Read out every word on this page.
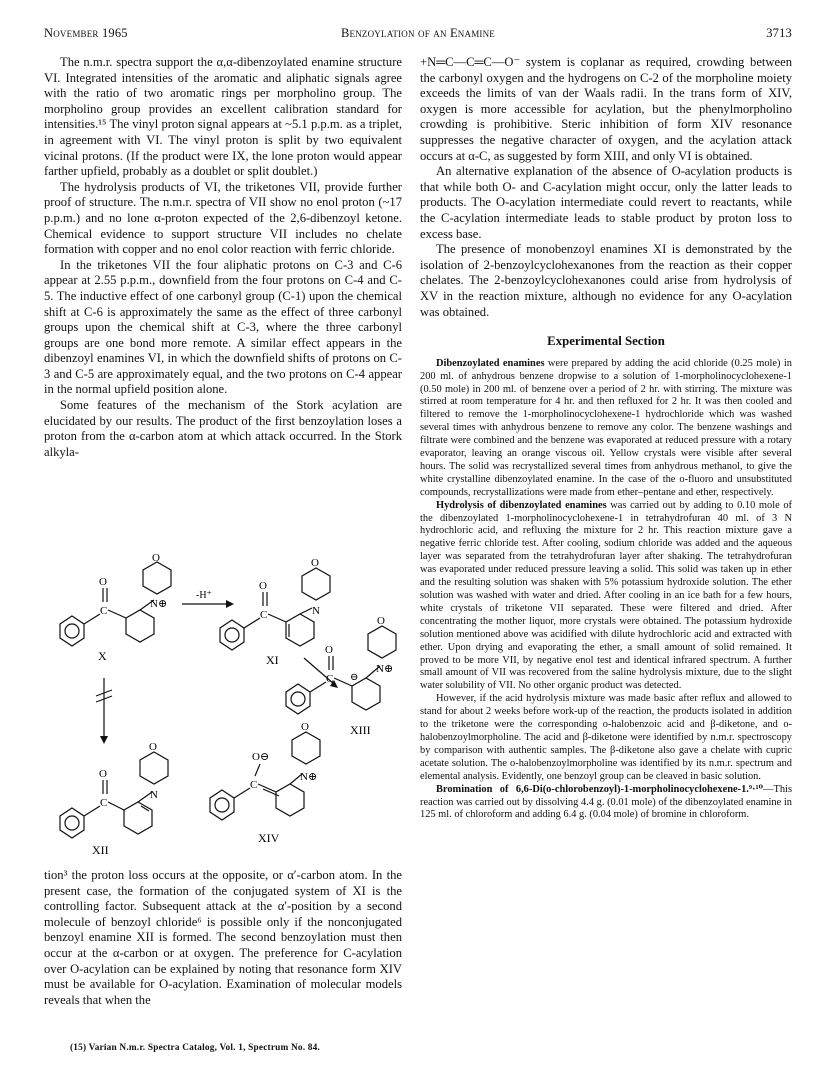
November 1965	Benzoylation of an Enamine	3713

The n.m.r. spectra support the α,α-dibenzoylated enamine structure VI. Integrated intensities of the aromatic and aliphatic signals agree with the ratio of two aromatic rings per morpholino group. The morpholino group provides an excellent calibration standard for intensities.¹⁵ The vinyl proton signal appears at ~5.1 p.p.m. as a triplet, in agreement with VI. The vinyl proton is split by two equivalent vicinal protons. (If the product were IX, the lone proton would appear farther upfield, probably as a doublet or split doublet.)

The hydrolysis products of VI, the triketones VII, provide further proof of structure. The n.m.r. spectra of VII show no enol proton (~17 p.p.m.) and no lone α-proton expected of the 2,6-dibenzoyl ketone. Chemical evidence to support structure VII includes no chelate formation with copper and no enol color reaction with ferric chloride.

In the triketones VII the four aliphatic protons on C-3 and C-6 appear at 2.55 p.p.m., downfield from the four protons on C-4 and C-5. The inductive effect of one carbonyl group (C-1) upon the chemical shift at C-6 is approximately the same as the effect of three carbonyl groups upon the chemical shift at C-3, where the three carbonyl groups are one bond more remote. A similar effect appears in the dibenzoyl enamines VI, in which the downfield shifts of protons on C-3 and C-5 are approximately equal, and the two protons on C-4 appear in the normal upfield position alone.

Some features of the mechanism of the Stork acylation are elucidated by our results. The product of the first benzoylation loses a proton from the α-carbon atom at which attack occurred. In the Stork alkyla-

O
N⊕
C
O
X
-H⁺
O
N
C
O
XI
O
N⊕
⊖
C
O
XIII
O
N
C
O
XII
O
N⊕
C
O⊖
XIV

tion³ the proton loss occurs at the opposite, or α′-carbon atom. In the present case, the formation of the conjugated system of XI is the controlling factor. Subsequent attack at the α′-position by a second molecule of benzoyl chloride⁶ is possible only if the nonconjugated benzoyl enamine XII is formed. The second benzoylation must then occur at the α-carbon or at oxygen. The preference for C-acylation over O-acylation can be explained by noting that resonance form XIV must be available for O-acylation. Examination of molecular models reveals that when the

(15) Varian N.m.r. Spectra Catalog, Vol. 1, Spectrum No. 84.

+N═C—C═C—O⁻ system is coplanar as required, crowding between the carbonyl oxygen and the hydrogens on C-2 of the morpholine moiety exceeds the limits of van der Waals radii. In the trans form of XIV, oxygen is more accessible for acylation, but the phenylmorpholino crowding is prohibitive. Steric inhibition of form XIV resonance suppresses the negative character of oxygen, and the acylation attack occurs at α-C, as suggested by form XIII, and only VI is obtained.

An alternative explanation of the absence of O-acylation products is that while both O- and C-acylation might occur, only the latter leads to products. The O-acylation intermediate could revert to reactants, while the C-acylation intermediate leads to stable product by proton loss to excess base.

The presence of monobenzoyl enamines XI is demonstrated by the isolation of 2-benzoylcyclohexanones from the reaction as their copper chelates. The 2-benzoylcyclohexanones could arise from hydrolysis of XV in the reaction mixture, although no evidence for any O-acylation was obtained.

Experimental Section

Dibenzoylated enamines were prepared by adding the acid chloride (0.25 mole) in 200 ml. of anhydrous benzene dropwise to a solution of 1-morpholinocyclohexene-1 (0.50 mole) in 200 ml. of benzene over a period of 2 hr. with stirring. The mixture was stirred at room temperature for 4 hr. and then refluxed for 2 hr. It was then cooled and filtered to remove the 1-morpholinocyclohexene-1 hydrochloride which was washed several times with anhydrous benzene to remove any color. The benzene washings and filtrate were combined and the benzene was evaporated at reduced pressure with a rotary evaporator, leaving an orange viscous oil. Yellow crystals were visible after several hours. The solid was recrystallized several times from anhydrous methanol, to give the white crystalline dibenzoylated enamine. In the case of the o-fluoro and unsubstituted compounds, recrystallizations were made from ether–pentane and ether, respectively.

Hydrolysis of dibenzoylated enamines was carried out by adding to 0.10 mole of the dibenzoylated 1-morpholinocyclohexene-1 in tetrahydrofuran 40 ml. of 3 N hydrochloric acid, and refluxing the mixture for 2 hr. This reaction mixture gave a negative ferric chloride test. After cooling, sodium chloride was added and the aqueous layer was separated from the tetrahydrofuran layer after shaking. The tetrahydrofuran was evaporated under reduced pressure leaving a solid. This solid was taken up in ether and the resulting solution was shaken with 5% potassium hydroxide solution. The ether solution was washed with water and dried. After cooling in an ice bath for a few hours, white crystals of triketone VII separated. These were filtered and dried. After concentrating the mother liquor, more crystals were obtained. The potassium hydroxide solution mentioned above was acidified with dilute hydrochloric acid and extracted with ether. Upon drying and evaporating the ether, a small amount of solid remained. It proved to be more VII, by negative enol test and identical infrared spectrum. A further small amount of VII was recovered from the saline hydrolysis mixture, due to the slight water solubility of VII. No other organic product was detected.

However, if the acid hydrolysis mixture was made basic after reflux and allowed to stand for about 2 weeks before work-up of the reaction, the products isolated in addition to the triketone were the corresponding o-halobenzoic acid and β-diketone, and o-halobenzoylmorpholine. The acid and β-diketone were identified by n.m.r. spectroscopy by comparison with authentic samples. The β-diketone also gave a chelate with cupric acetate solution. The o-halobenzoylmorpholine was identified by its n.m.r. spectrum and elemental analysis. Evidently, one benzoyl group can be cleaved in basic solution.

Bromination of 6,6-Di(o-chlorobenzoyl)-1-morpholinocyclohexene-1.⁹·¹⁰—This reaction was carried out by dissolving 4.4 g. (0.01 mole) of the dibenzoylated enamine in 125 ml. of chloroform and adding 6.4 g. (0.04 mole) of bromine in chloroform.
